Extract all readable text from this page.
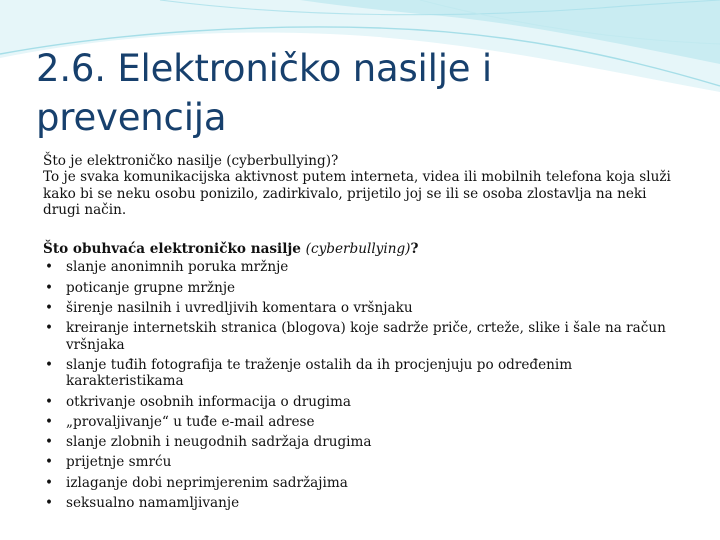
2.6. Elektroničko nasilje i prevencija

Što je elektroničko nasilje (cyberbullying)?

To je svaka komunikacijska aktivnost putem interneta, videa ili mobilnih telefona koja služi kako bi se neku osobu ponizilo, zadirkivalo, prijetilo joj se ili se osoba zlostavlja na neki drugi način.

Što obuhvaća elektroničko nasilje (cyberbullying)?

• slanje anonimnih poruka mržnje
• poticanje grupne mržnje
• širenje nasilnih i uvredljivih komentara o vršnjaku
• kreiranje internetskih stranica (blogova) koje sadrže priče, crteže, slike i šale na račun vršnjaka
• slanje tuđih fotografija te traženje ostalih da ih procjenjuju po određenim karakteristikama
• otkrivanje osobnih informacija o drugima
• „provaljivanje“ u tuđe e-mail adrese
• slanje zlobnih i neugodnih sadržaja drugima
• prijetnje smrću
• izlaganje dobi neprimjerenim sadržajima
• seksualno namamljivanje
